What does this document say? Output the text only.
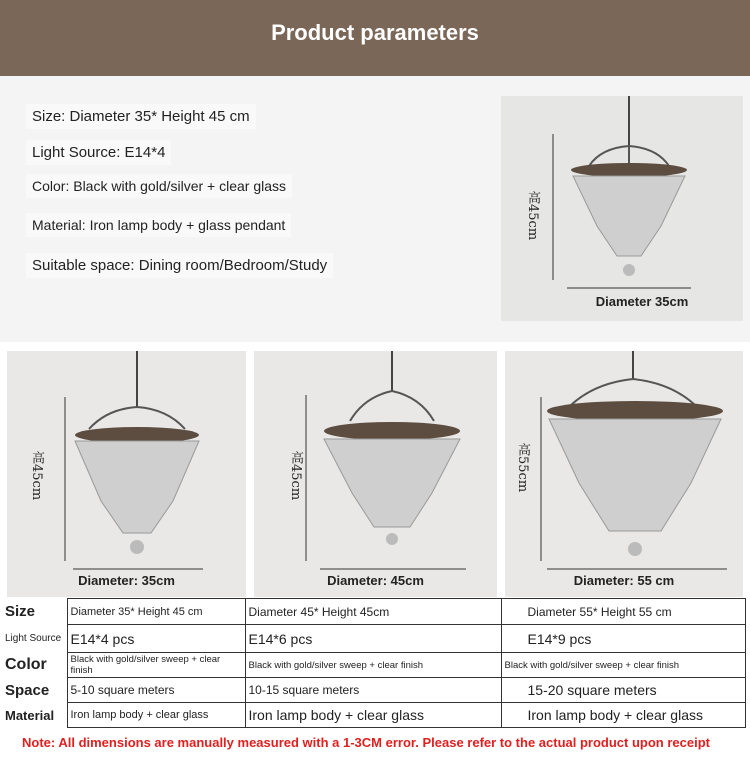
Product parameters
Size: Diameter 35* Height 45 cm
Light Source: E14*4
Color: Black with gold/silver + clear glass
Material: Iron lamp body + glass pendant
Suitable space: Dining room/Bedroom/Study
高45cm
Diameter 35cm
高45cm
Diameter: 35cm
高45cm
Diameter: 45cm
高55cm
Diameter: 55 cm
Size	Diameter 35* Height 45 cm	Diameter 45* Height 45cm	Diameter 55* Height 55 cm
Light Source	E14*4 pcs	E14*6 pcs	E14*9 pcs
Color	Black with gold/silver sweep + clear finish	Black with gold/silver sweep + clear finish	Black with gold/silver sweep + clear finish
Space	5-10 square meters	10-15 square meters	15-20 square meters
Material	Iron lamp body + clear glass	Iron lamp body + clear glass	Iron lamp body + clear glass
Note: All dimensions are manually measured with a 1-3CM error. Please refer to the actual product upon receipt
